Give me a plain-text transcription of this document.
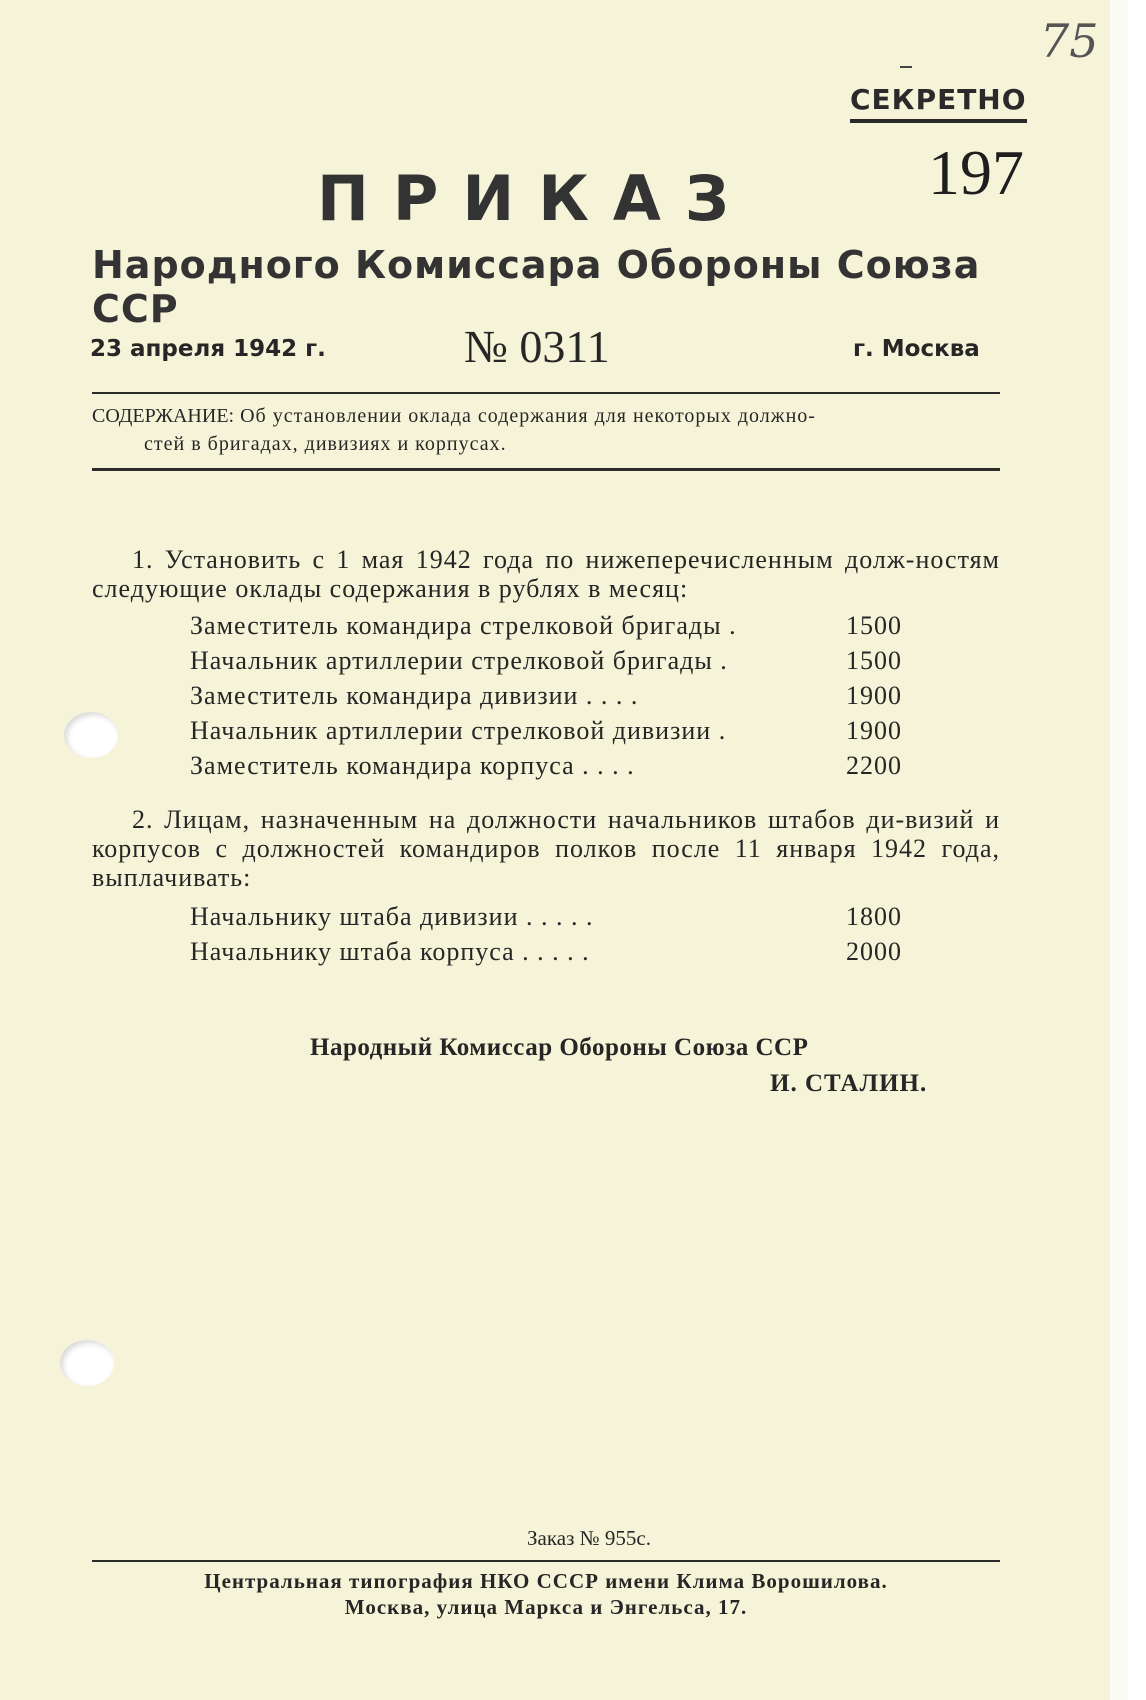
75
СЕКРЕТНО
197
ПРИКАЗ
Народного Комиссара Обороны Союза ССР
23 апреля 1942 г.	№ 0311	г. Москва
СОДЕРЖАНИЕ: Об установлении оклада содержания для некоторых должно-
стей в бригадах, дивизиях и корпусах.
1. Установить с 1 мая 1942 года по нижеперечисленным долж-ностям следующие оклады содержания в рублях в месяц:
Заместитель командира стрелковой бригады .	1500
Начальник артиллерии стрелковой бригады .	1500
Заместитель командира дивизии . . . .	1900
Начальник артиллерии стрелковой дивизии .	1900
Заместитель командира корпуса . . . .	2200
2. Лицам, назначенным на должности начальников штабов ди-визий и корпусов с должностей командиров полков после 11 января 1942 года, выплачивать:
Начальнику штаба дивизии . . . . .	1800
Начальнику штаба корпуса . . . . .	2000
Народный Комиссар Обороны Союза ССР
И. СТАЛИН.
Заказ № 955с.
Центральная типография НКО СССР имени Клима Ворошилова.
Москва, улица Маркса и Энгельса, 17.
